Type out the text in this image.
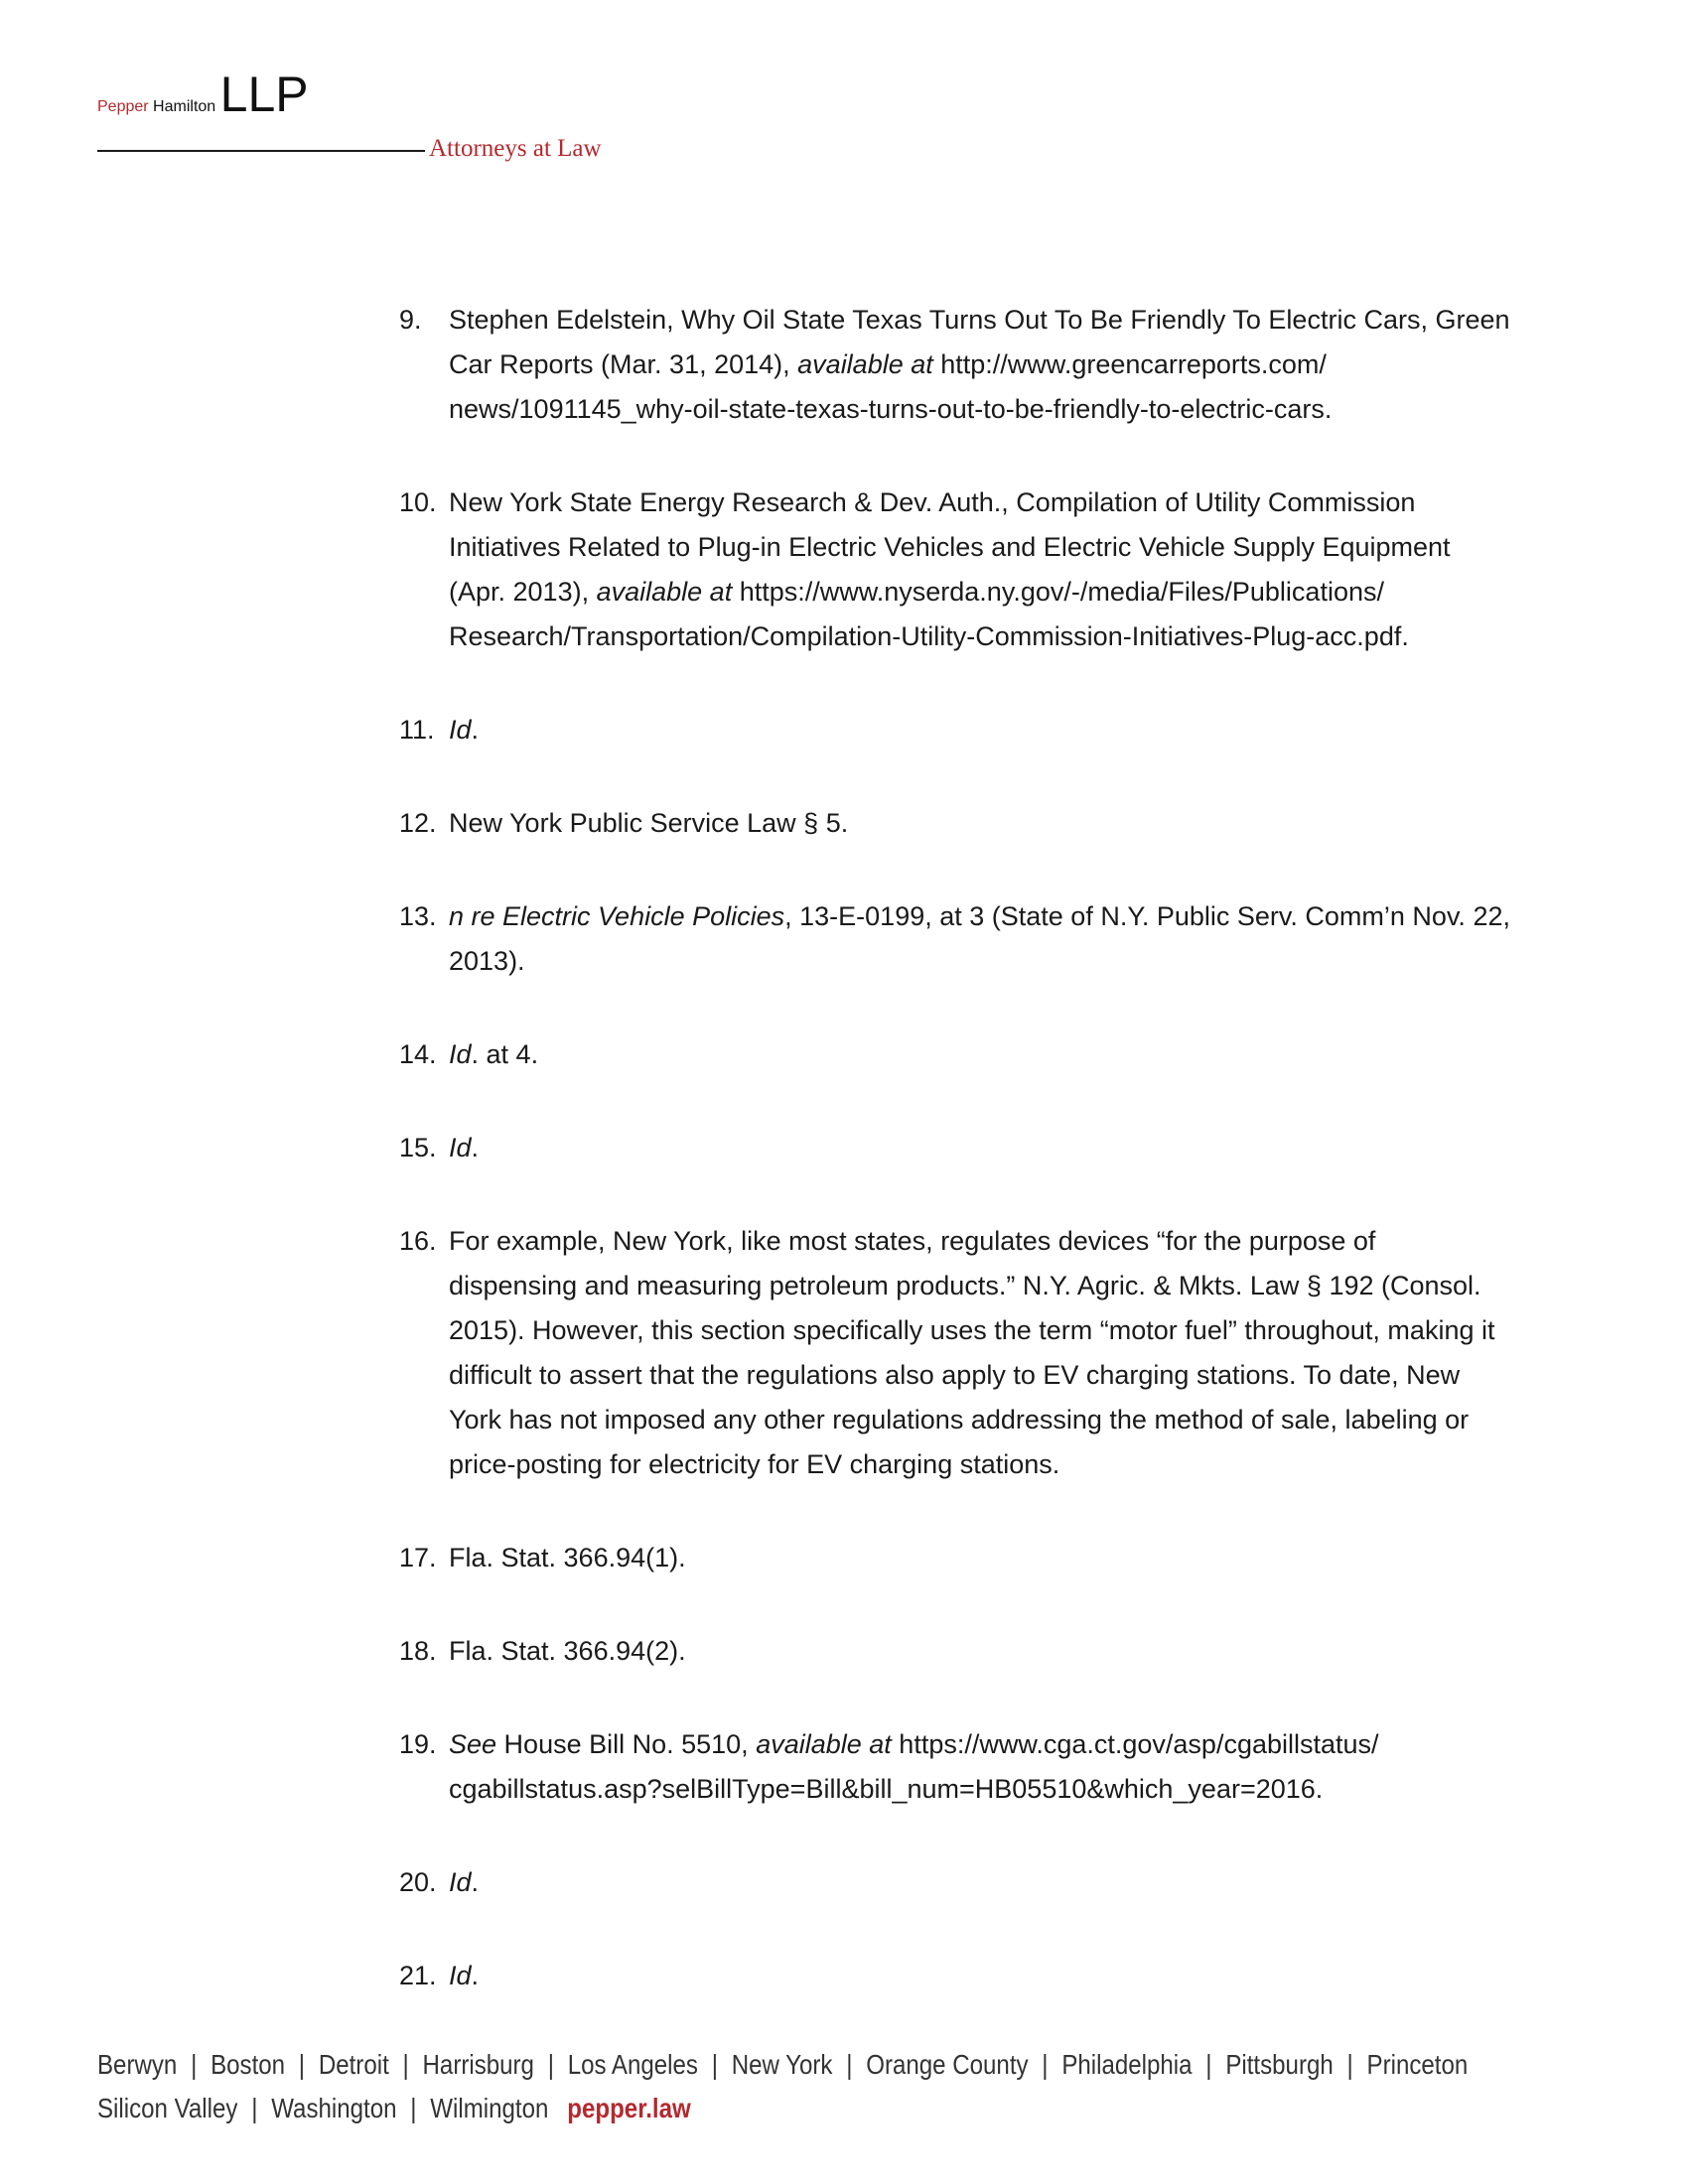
Pepper Hamilton LLP
Attorneys at Law
9. Stephen Edelstein, Why Oil State Texas Turns Out To Be Friendly To Electric Cars, Green Car Reports (Mar. 31, 2014), available at http://www.greencarreports.com/ news/1091145_why-oil-state-texas-turns-out-to-be-friendly-to-electric-cars.
10. New York State Energy Research & Dev. Auth., Compilation of Utility Commission Initiatives Related to Plug-in Electric Vehicles and Electric Vehicle Supply Equipment (Apr. 2013), available at https://www.nyserda.ny.gov/-/media/Files/Publications/ Research/Transportation/Compilation-Utility-Commission-Initiatives-Plug-acc.pdf.
11. Id.
12. New York Public Service Law § 5.
13. n re Electric Vehicle Policies, 13-E-0199, at 3 (State of N.Y. Public Serv. Comm’n Nov. 22, 2013).
14. Id. at 4.
15. Id.
16. For example, New York, like most states, regulates devices “for the purpose of dispensing and measuring petroleum products.” N.Y. Agric. & Mkts. Law § 192 (Consol. 2015). However, this section specifically uses the term “motor fuel” throughout, making it difficult to assert that the regulations also apply to EV charging stations. To date, New York has not imposed any other regulations addressing the method of sale, labeling or price-posting for electricity for EV charging stations.
17. Fla. Stat. 366.94(1).
18. Fla. Stat. 366.94(2).
19. See House Bill No. 5510, available at https://www.cga.ct.gov/asp/cgabillstatus/ cgabillstatus.asp?selBillType=Bill&bill_num=HB05510&which_year=2016.
20. Id.
21. Id.
Berwyn | Boston | Detroit | Harrisburg | Los Angeles | New York | Orange County | Philadelphia | Pittsburgh | Princeton
Silicon Valley | Washington | Wilmington pepper.law
